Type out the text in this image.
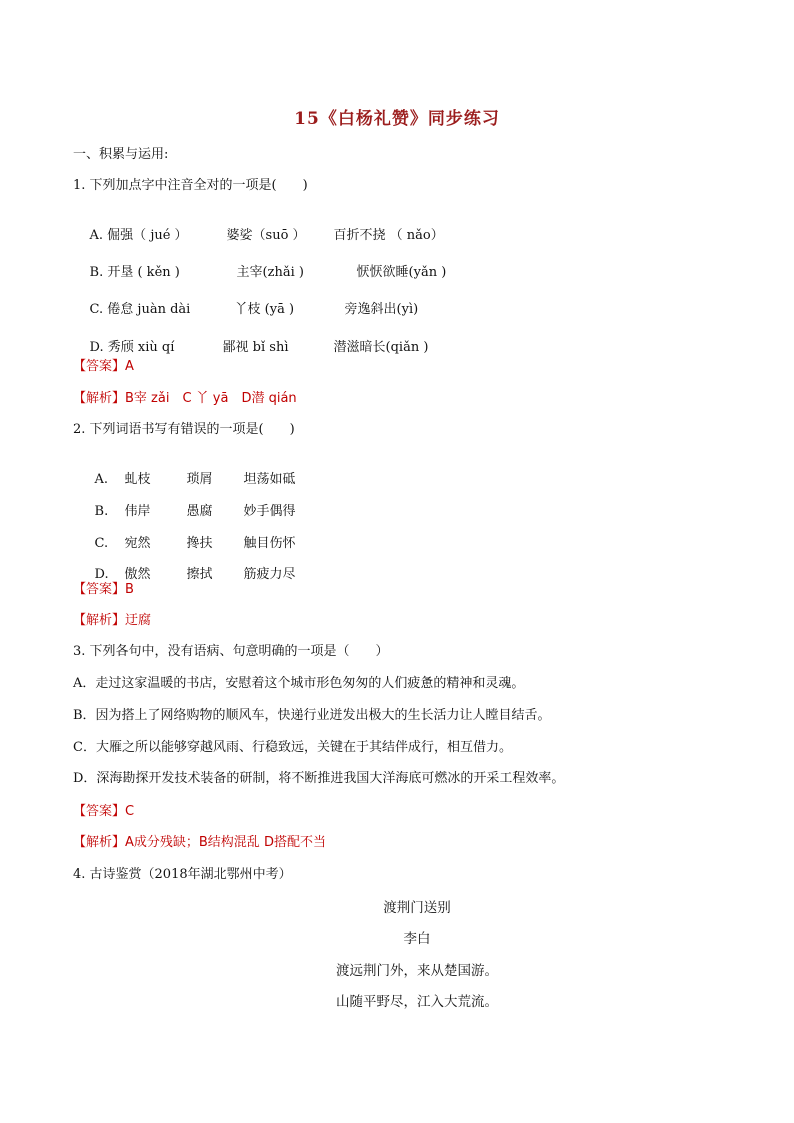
15《白杨礼赞》同步练习
一、积累与运用:
1. 下列加点字中注音全对的一项是(　　)

A. 倔强（ jué ）	婆娑（suō ） 百折不挠 （ nǎo）

B. 开垦 ( kěn )	主宰(zhǎi )	恹恹欲睡(yǎn )

C. 倦怠 juàn dài	丫枝 (yā )	旁逸斜出(yì)

D. 秀颀 xiù qí	鄙视 bǐ shì	潜滋暗长(qiǎn )

【答案】A
【解析】B宰 zǎi　C 丫 yā　D潜 qián
2. 下列词语书写有错误的一项是(　　)

A. 虬枝	琐屑 坦荡如砥

B. 伟岸	愚腐 妙手偶得

C. 宛然	搀扶 触目伤怀

D. 傲然	擦拭 筋疲力尽

【答案】B
【解析】迂腐
3. 下列各句中，没有语病、句意明确的一项是（　　）
A．走过这家温暖的书店，安慰着这个城市形色匆匆的人们疲惫的精神和灵魂。
B．因为搭上了网络购物的顺风车，快递行业迸发出极大的生长活力让人瞠目结舌。
C．大雁之所以能够穿越风雨、行稳致远，关键在于其结伴成行，相互借力。
D．深海勘探开发技术装备的研制，将不断推进我国大洋海底可燃冰的开采工程效率。
【答案】C
【解析】A成分残缺；B结构混乱 D搭配不当
4. 古诗鉴赏（2018年湖北鄂州中考）
渡荆门送别
李白
渡远荆门外，来从楚国游。
山随平野尽，江入大荒流。
